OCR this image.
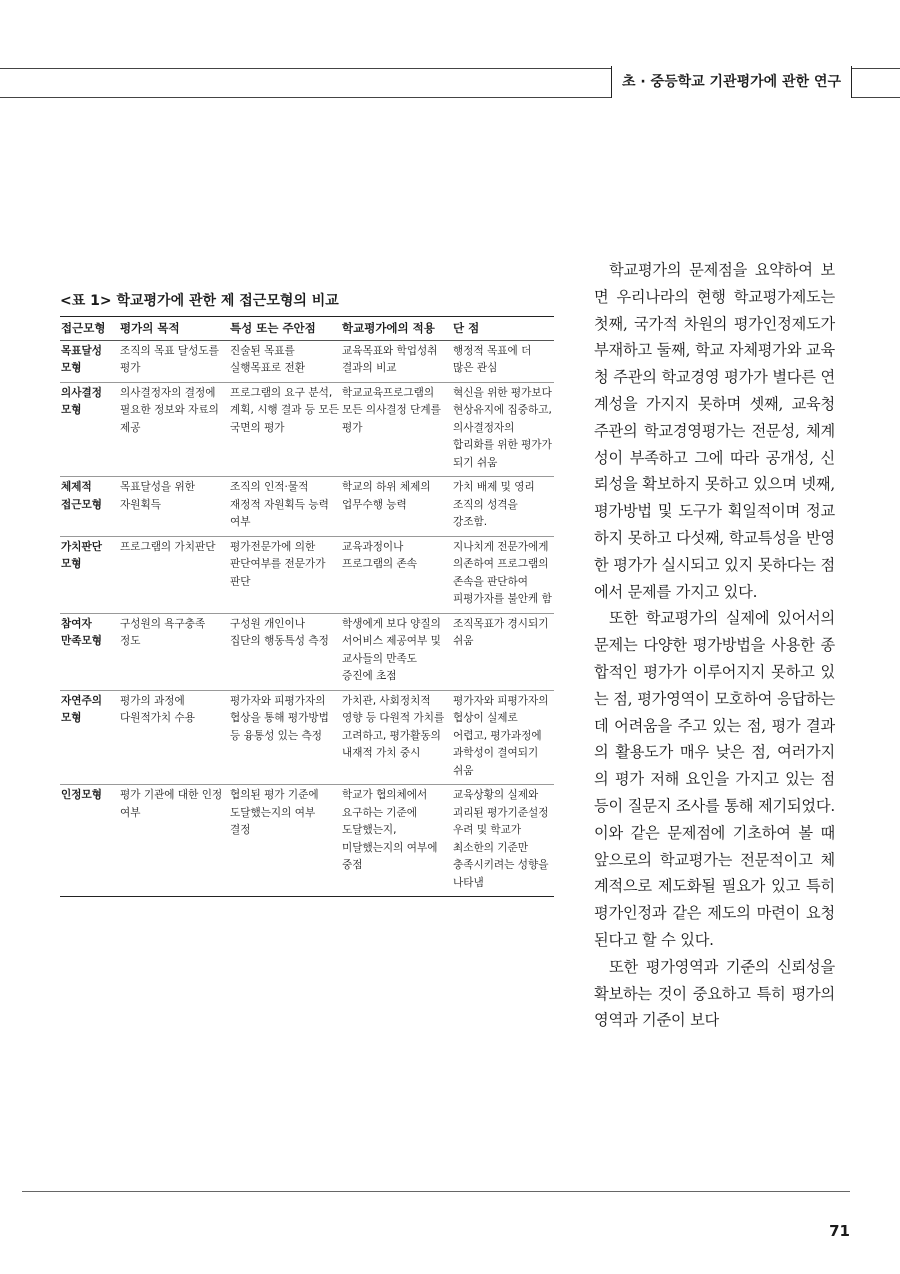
초 · 중등학교 기관평가에 관한 연구
<표 1> 학교평가에 관한 제 접근모형의 비교
접근모형	평가의 목적	특성 또는 주안점	학교평가에의 적용	단 점
목표달성 모형	조직의 목표 달성도를 평가	진술된 목표를 실행목표로 전환	교육목표와 학업성취 결과의 비교	행정적 목표에 더 많은 관심
의사결정 모형	의사결정자의 결정에 필요한 정보와 자료의 제공	프로그램의 요구 분석, 계획, 시행 결과 등 모든 국면의 평가	학교교육프로그램의 모든 의사결정 단계를 평가	혁신을 위한 평가보다 현상유지에 집중하고, 의사결정자의 합리화를 위한 평가가 되기 쉬움
체제적 접근모형	목표달성을 위한 자원획득	조직의 인적·물적 재정적 자원획득 능력 여부	학교의 하위 체제의 업무수행 능력	가치 배제 및 영리 조직의 성격을 강조함.
가치판단 모형	프로그램의 가치판단	평가전문가에 의한 판단여부를 전문가가 판단	교육과정이나 프로그램의 존속	지나치게 전문가에게 의존하여 프로그램의 존속을 판단하여 피평가자를 불안케 함
참여자 만족모형	구성원의 욕구충족 정도	구성원 개인이나 집단의 행동특성 측정	학생에게 보다 양질의 서어비스 제공여부 및 교사들의 만족도 증진에 초점	조직목표가 경시되기 쉬움
자연주의 모형	평가의 과정에 다원적가치 수용	평가자와 피평가자의 협상을 통해 평가방법 등 융통성 있는 측정	가치관, 사회정치적 영향 등 다원적 가치를 고려하고, 평가활동의 내재적 가치 중시	평가자와 피평가자의 협상이 실제로 어렵고, 평가과정에 과학성이 결여되기 쉬움
인정모형	평가 기관에 대한 인정 여부	협의된 평가 기준에 도달했는지의 여부 결정	학교가 협의체에서 요구하는 기준에 도달했는지, 미달했는지의 여부에 중점	교육상황의 실제와 괴리된 평가기준설정 우려 및 학교가 최소한의 기준만 충족시키려는 성향을 나타냄

학교평가의 문제점을 요약하여 보면 우리나라의 현행 학교평가제도는 첫째, 국가적 차원의 평가인정제도가 부재하고 둘째, 학교 자체평가와 교육청 주관의 학교경영 평가가 별다른 연계성을 가지지 못하며 셋째, 교육청 주관의 학교경영평가는 전문성, 체계성이 부족하고 그에 따라 공개성, 신뢰성을 확보하지 못하고 있으며 넷째, 평가방법 및 도구가 획일적이며 정교하지 못하고 다섯째, 학교특성을 반영한 평가가 실시되고 있지 못하다는 점에서 문제를 가지고 있다.

또한 학교평가의 실제에 있어서의 문제는 다양한 평가방법을 사용한 종합적인 평가가 이루어지지 못하고 있는 점, 평가영역이 모호하여 응답하는데 어려움을 주고 있는 점, 평가 결과의 활용도가 매우 낮은 점, 여러가지의 평가 저해 요인을 가지고 있는 점 등이 질문지 조사를 통해 제기되었다. 이와 같은 문제점에 기초하여 볼 때 앞으로의 학교평가는 전문적이고 체계적으로 제도화될 필요가 있고 특히 평가인정과 같은 제도의 마련이 요청된다고 할 수 있다.

또한 평가영역과 기준의 신뢰성을 확보하는 것이 중요하고 특히 평가의 영역과 기준이 보다

71
